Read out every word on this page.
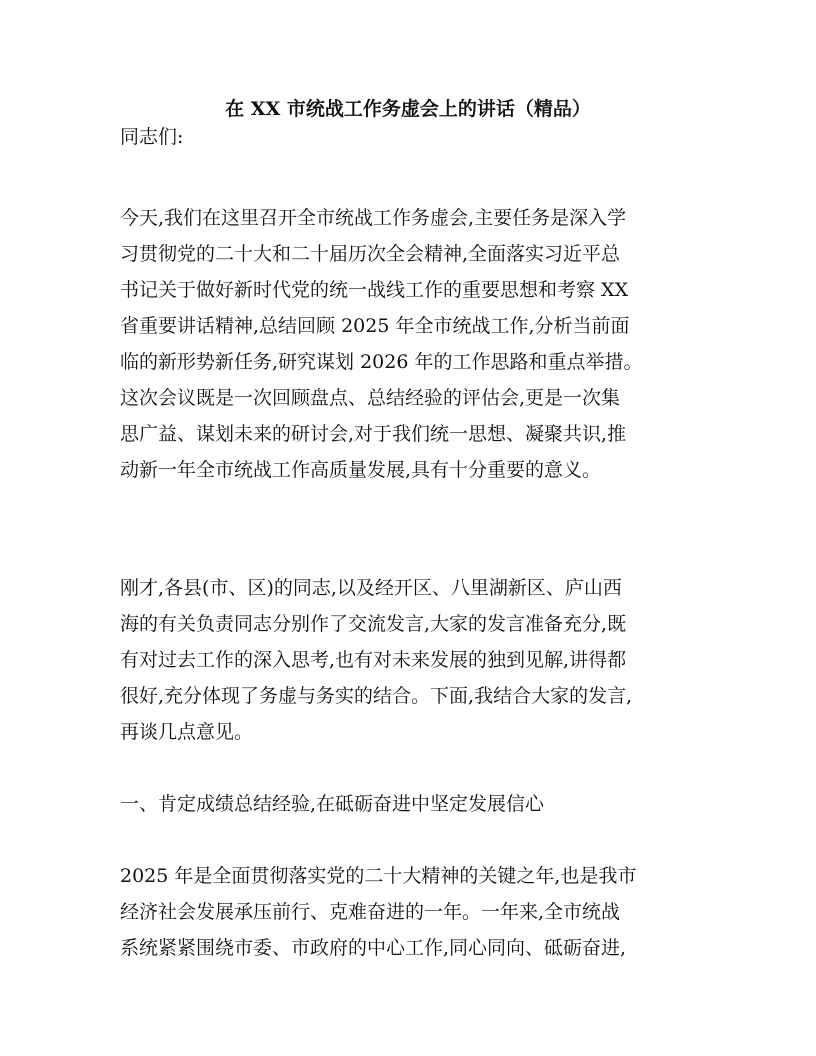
在 XX 市统战工作务虚会上的讲话（精品）
同志们:
今天,我们在这里召开全市统战工作务虚会,主要任务是深入学
习贯彻党的二十大和二十届历次全会精神,全面落实习近平总
书记关于做好新时代党的统一战线工作的重要思想和考察 XX
省重要讲话精神,总结回顾 2025 年全市统战工作,分析当前面
临的新形势新任务,研究谋划 2026 年的工作思路和重点举措。
这次会议既是一次回顾盘点、总结经验的评估会,更是一次集
思广益、谋划未来的研讨会,对于我们统一思想、凝聚共识,推
动新一年全市统战工作高质量发展,具有十分重要的意义。
刚才,各县(市、区)的同志,以及经开区、八里湖新区、庐山西
海的有关负责同志分别作了交流发言,大家的发言准备充分,既
有对过去工作的深入思考,也有对未来发展的独到见解,讲得都
很好,充分体现了务虚与务实的结合。下面,我结合大家的发言,
再谈几点意见。
一、肯定成绩总结经验,在砥砺奋进中坚定发展信心
2025 年是全面贯彻落实党的二十大精神的关键之年,也是我市
经济社会发展承压前行、克难奋进的一年。一年来,全市统战
系统紧紧围绕市委、市政府的中心工作,同心同向、砥砺奋进,
